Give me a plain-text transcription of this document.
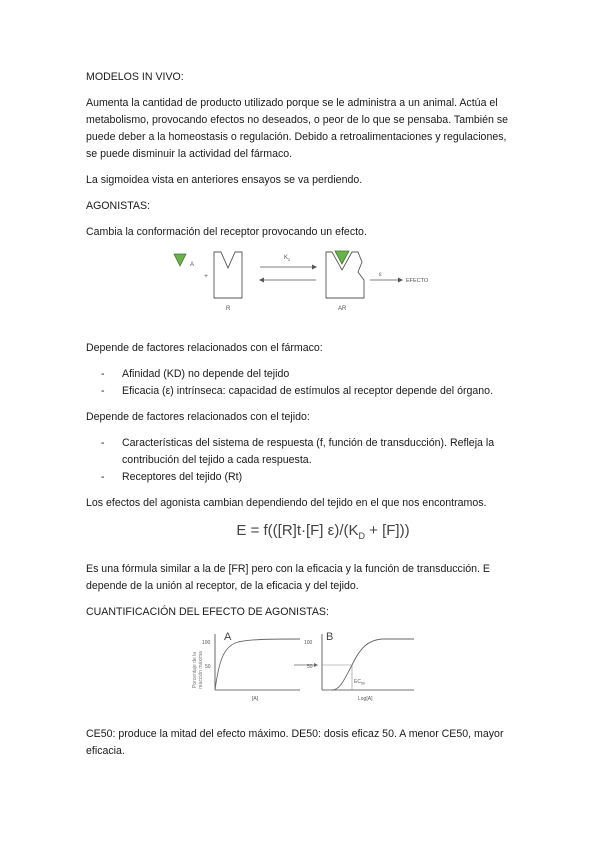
MODELOS IN VIVO:

Aumenta la cantidad de producto utilizado porque se le administra a un animal. Actúa el metabolismo, provocando efectos no deseados, o peor de lo que se pensaba. También se puede deber a la homeostasis o regulación. Debido a retroalimentaciones y regulaciones, se puede disminuir la actividad del fármaco.

La sigmoidea vista en anteriores ensayos se va perdiendo.

AGONISTAS:

Cambia la conformación del receptor provocando un efecto.

A
+
R
$K_2$
AR
ε
EFECTO

Depende de factores relacionados con el fármaco:

- Afinidad (KD) no depende del tejido
- Eficacia (ε) intrínseca: capacidad de estímulos al receptor depende del órgano.

Depende de factores relacionados con el tejido:

- Características del sistema de respuesta (f, función de transducción). Refleja la contribución del tejido a cada respuesta.
- Receptores del tejido (Rt)

Los efectos del agonista cambian dependiendo del tejido en el que nos encontramos.

E = f(([R]t·[F] $\varepsilon)/(K_D + [F])$)

Es una fórmula similar a la de [FR] pero con la eficacia y la función de transducción. E depende de la unión al receptor, de la eficacia y del tejido.

CUANTIFICACIÓN DEL EFECTO DE AGONISTAS:

Porcentaje de la reacción máxima
100
50
A
[A]
100
50
B
$EC_{50}$
Log[A]

CE50: produce la mitad del efecto máximo. DE50: dosis eficaz 50. A menor CE50, mayor eficacia.
